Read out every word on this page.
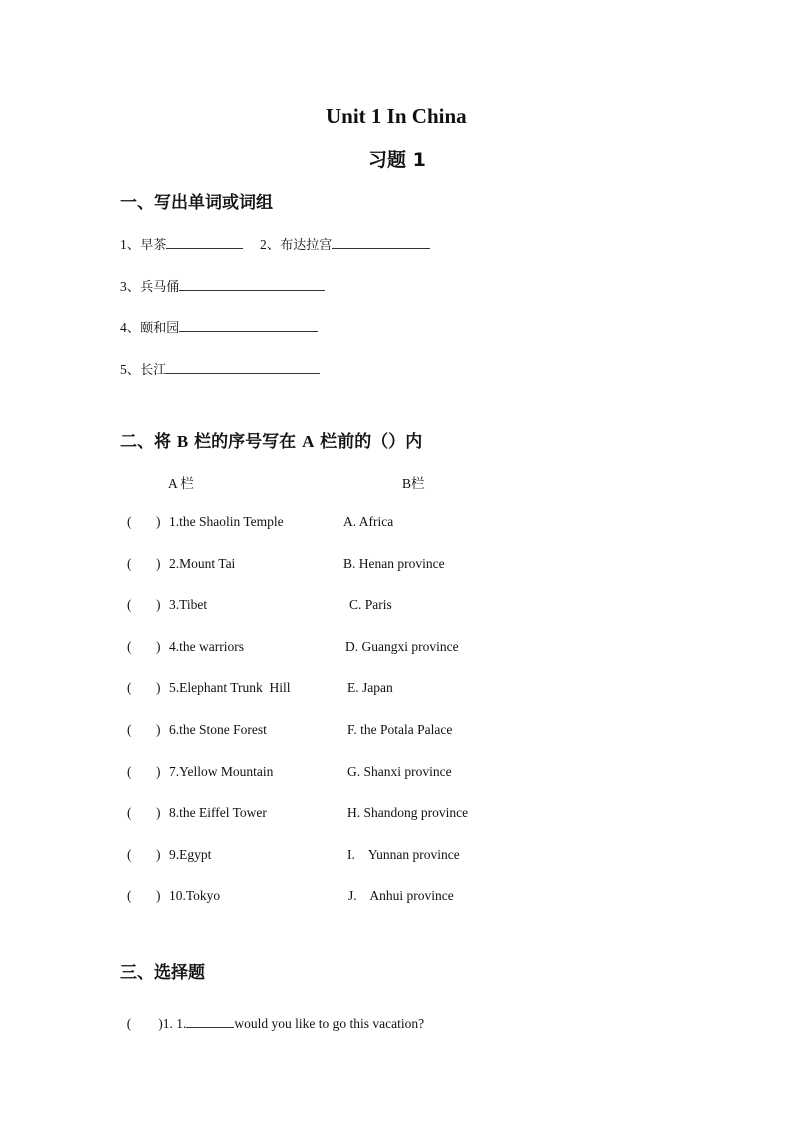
Unit 1 In China
习题 1
一、写出单词或词组
1、早茶	2、布达拉宫
3、兵马俑
4、颐和园
5、长江
二、将 B 栏的序号写在 A 栏前的（）内
A 栏	B栏
( ) 1.the Shaolin Temple	A. Africa
( ) 2.Mount Tai	B. Henan province
( ) 3.Tibet	C. Paris
( ) 4.the warriors	D. Guangxi province
( ) 5.Elephant Trunk  Hill	E. Japan
( ) 6.the Stone Forest	F. the Potala Palace
( ) 7.Yellow Mountain	G. Shanxi province
( ) 8.the Eiffel Tower	H. Shandong province
( ) 9.Egypt	I.    Yunnan province
( ) 10.Tokyo	J.    Anhui province
三、选择题

(        )1. 1.	would you like to go this vacation?
